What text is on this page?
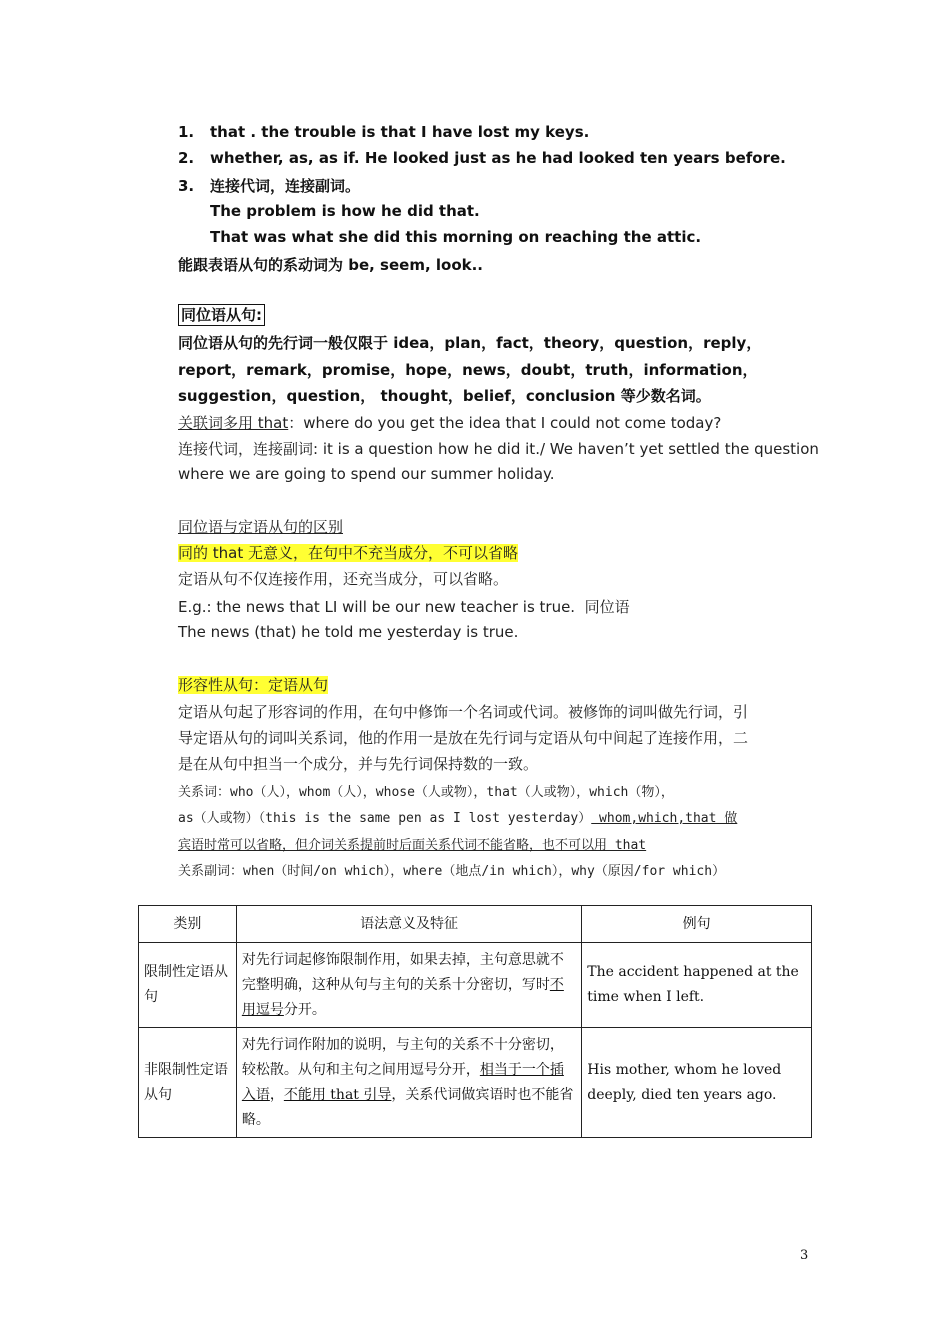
1. that . the trouble is that I have lost my keys.
2. whether, as, as if. He looked just as he had looked ten years before.
3. 连接代词，连接副词。
The problem is how he did that.
That was what she did this morning on reaching the attic.
能跟表语从句的系动词为 be, seem, look..
同位语从句:
同位语从句的先行词一般仅限于 idea，plan，fact，theory，question，reply，
report，remark，promise，hope，news，doubt，truth，information，
suggestion，question， thought，belief，conclusion 等少数名词。
关联词多用 that：where do you get the idea that I could not come today?
连接代词，连接副词: it is a question how he did it./ We haven’t yet settled the question
where we are going to spend our summer holiday.
同位语与定语从句的区别
同的 that 无意义，在句中不充当成分，不可以省略
定语从句不仅连接作用，还充当成分，可以省略。
E.g.: the news that LI will be our new teacher is true. 同位语
The news (that) he told me yesterday is true.
形容性从句：定语从句
定语从句起了形容词的作用，在句中修饰一个名词或代词。被修饰的词叫做先行词，引
导定语从句的词叫关系词，他的作用一是放在先行词与定语从句中间起了连接作用，二
是在从句中担当一个成分，并与先行词保持数的一致。
关系词：who（人），whom（人），whose（人或物），that（人或物），which（物），
as（人或物）（this is the same pen as I lost yesterday） whom,which,that 做
宾语时常可以省略，但介词关系提前时后面关系代词不能省略，也不可以用 that
关系副词：when（时间/on which），where（地点/in which），why（原因/for which）
类别	语法意义及特征	例句
限制性定语从句	对先行词起修饰限制作用，如果去掉，主句意思就不完整明确，这种从句与主句的关系十分密切，写时不用逗号分开。	The accident happened at the time when I left.
非限制性定语从句	对先行词作附加的说明，与主句的关系不十分密切，较松散。从句和主句之间用逗号分开，相当于一个插入语，不能用 that 引导，关系代词做宾语时也不能省略。	His mother, whom he loved deeply, died ten years ago.
3
